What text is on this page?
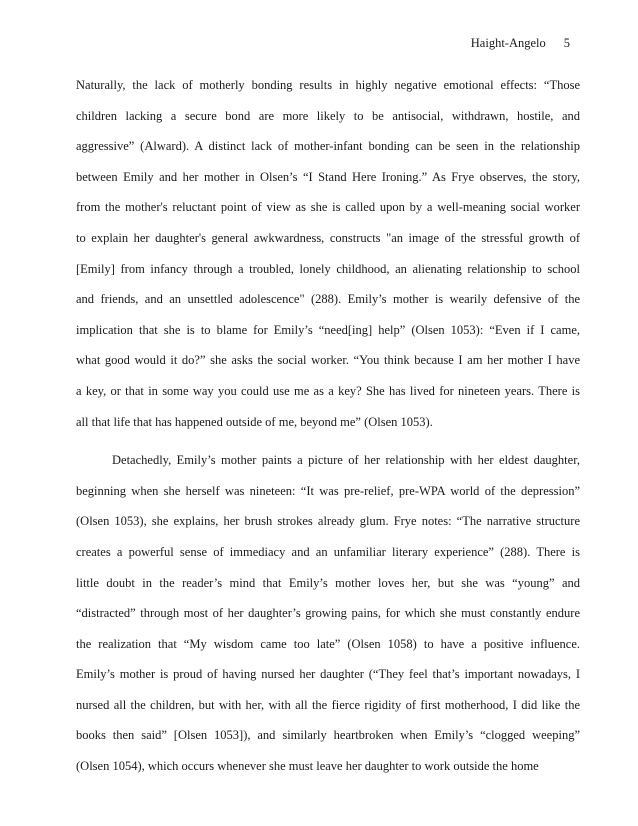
Haight-Angelo 5
Naturally, the lack of motherly bonding results in highly negative emotional effects: “Those
children lacking a secure bond are more likely to be antisocial, withdrawn, hostile, and
aggressive” (Alward). A distinct lack of mother-infant bonding can be seen in the relationship
between Emily and her mother in Olsen’s “I Stand Here Ironing.” As Frye observes, the story,
from the mother's reluctant point of view as she is called upon by a well-meaning social worker
to explain her daughter's general awkwardness, constructs "an image of the stressful growth of
[Emily] from infancy through a troubled, lonely childhood, an alienating relationship to school
and friends, and an unsettled adolescence" (288). Emily’s mother is wearily defensive of the
implication that she is to blame for Emily’s “need[ing] help” (Olsen 1053): “Even if I came,
what good would it do?” she asks the social worker. “You think because I am her mother I have
a key, or that in some way you could use me as a key? She has lived for nineteen years. There is
all that life that has happened outside of me, beyond me” (Olsen 1053).
Detachedly, Emily’s mother paints a picture of her relationship with her eldest daughter,
beginning when she herself was nineteen: “It was pre-relief, pre-WPA world of the depression”
(Olsen 1053), she explains, her brush strokes already glum. Frye notes: “The narrative structure
creates a powerful sense of immediacy and an unfamiliar literary experience” (288). There is
little doubt in the reader’s mind that Emily’s mother loves her, but she was “young” and
“distracted” through most of her daughter’s growing pains, for which she must constantly endure
the realization that “My wisdom came too late” (Olsen 1058) to have a positive influence.
Emily’s mother is proud of having nursed her daughter (“They feel that’s important nowadays, I
nursed all the children, but with her, with all the fierce rigidity of first motherhood, I did like the
books then said” [Olsen 1053]), and similarly heartbroken when Emily’s “clogged weeping”
(Olsen 1054), which occurs whenever she must leave her daughter to work outside the home
